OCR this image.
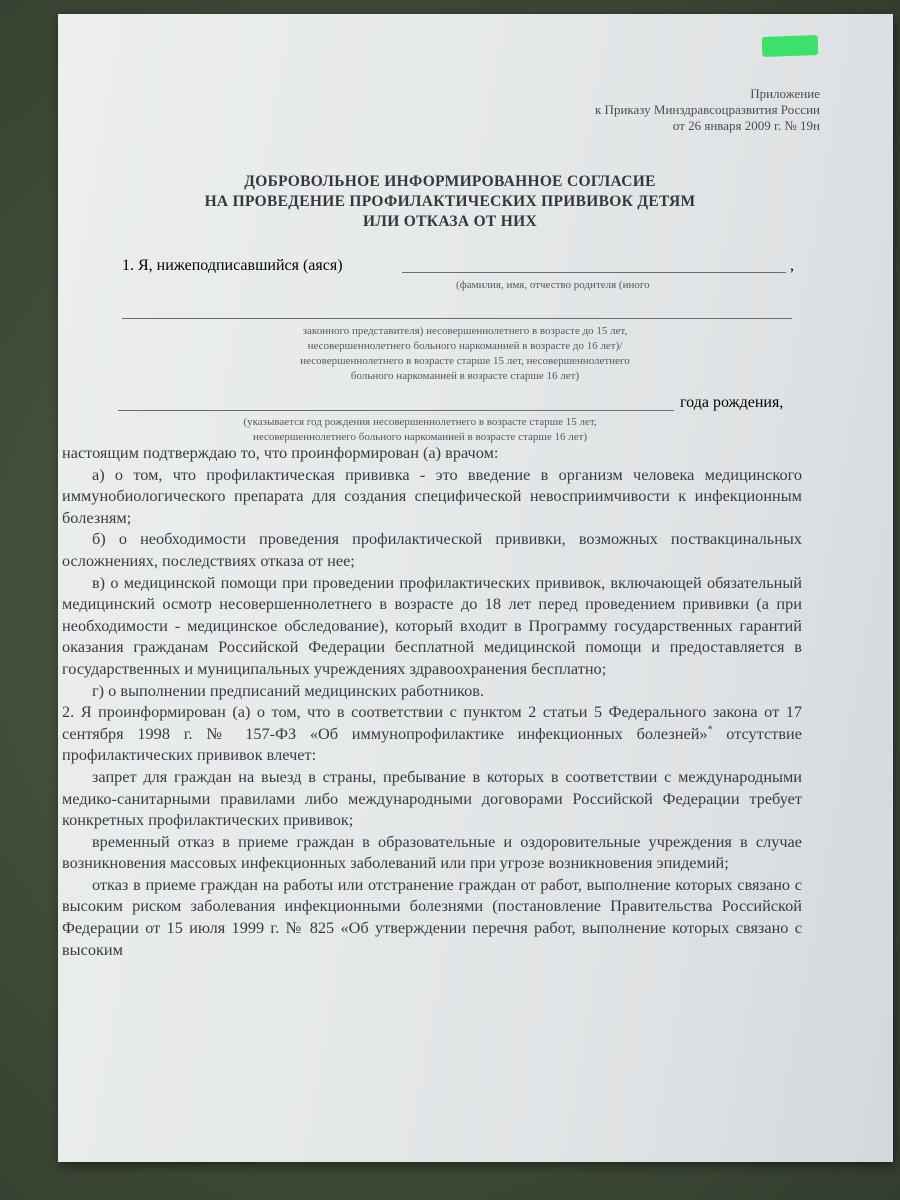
Приложение
к Приказу Минздравсоцразвития России
от 26 января 2009 г. № 19н
ДОБРОВОЛЬНОЕ ИНФОРМИРОВАННОЕ СОГЛАСИЕ
НА ПРОВЕДЕНИЕ ПРОФИЛАКТИЧЕСКИХ ПРИВИВОК ДЕТЯМ
ИЛИ ОТКАЗА ОТ НИХ
1. Я, нижеподписавшийся (аяся)	,
(фамилия, имя, отчество родителя (иного
законного представителя) несовершеннолетнего в возрасте до 15 лет,
несовершеннолетнего больного наркоманией в возрасте до 16 лет)/
несовершеннолетнего в возрасте старше 15 лет, несовершеннолетнего
больного наркоманией в возрасте старше 16 лет)
года рождения,
(указывается год рождения несовершеннолетнего в возрасте старше 15 лет,
несовершеннолетнего больного наркоманией в возрасте старше 16 лет)

настоящим подтверждаю то, что проинформирован (а) врачом:

а) о том, что профилактическая прививка - это введение в организм человека медицинского иммунобиологического препарата для создания специфической невосприимчивости к инфекционным болезням;

б) о необходимости проведения профилактической прививки, возможных поствакцинальных осложнениях, последствиях отказа от нее;

в) о медицинской помощи при проведении профилактических прививок, включающей обязательный медицинский осмотр несовершеннолетнего в возрасте до 18 лет перед проведением прививки (а при необходимости - медицинское обследование), который входит в Программу государственных гарантий оказания гражданам Российской Федерации бесплатной медицинской помощи и предоставляется в государственных и муниципальных учреждениях здравоохранения бесплатно;

г) о выполнении предписаний медицинских работников.

2. Я проинформирован (а) о том, что в соответствии с пунктом 2 статьи 5 Федерального закона от 17 сентября 1998 г. № 157-ФЗ «Об иммунопрофилактике инфекционных болезней»* отсутствие профилактических прививок влечет:

запрет для граждан на выезд в страны, пребывание в которых в соответствии с международными медико-санитарными правилами либо международными договорами Российской Федерации требует конкретных профилактических прививок;

временный отказ в приеме граждан в образовательные и оздоровительные учреждения в случае возникновения массовых инфекционных заболеваний или при угрозе возникновения эпидемий;

отказ в приеме граждан на работы или отстранение граждан от работ, выполнение которых связано с высоким риском заболевания инфекционными болезнями (постановление Правительства Российской Федерации от 15 июля 1999 г. № 825 «Об утверждении перечня работ, выполнение которых связано с высоким
